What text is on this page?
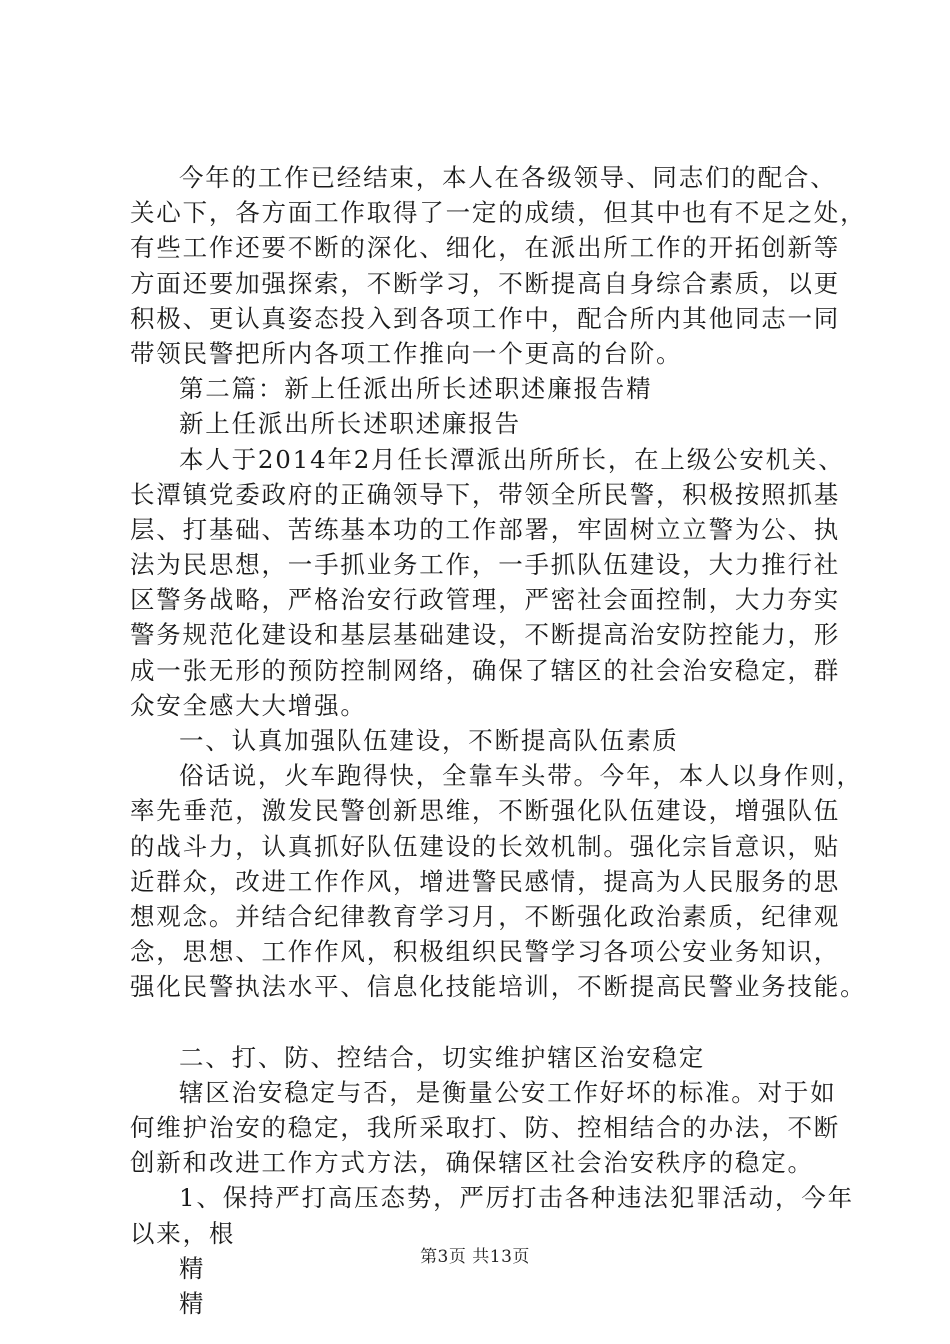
今年的工作已经结束，本人在各级领导、同志们的配合、
关心下，各方面工作取得了一定的成绩，但其中也有不足之处，
有些工作还要不断的深化、细化，在派出所工作的开拓创新等
方面还要加强探索，不断学习，不断提高自身综合素质，以更
积极、更认真姿态投入到各项工作中，配合所内其他同志一同
带领民警把所内各项工作推向一个更高的台阶。
第二篇：新上任派出所长述职述廉报告精
新上任派出所长述职述廉报告
本人于2014年2月任长潭派出所所长，在上级公安机关、
长潭镇党委政府的正确领导下，带领全所民警，积极按照抓基
层、打基础、苦练基本功的工作部署，牢固树立立警为公、执
法为民思想，一手抓业务工作，一手抓队伍建设，大力推行社
区警务战略，严格治安行政管理，严密社会面控制，大力夯实
警务规范化建设和基层基础建设，不断提高治安防控能力，形
成一张无形的预防控制网络，确保了辖区的社会治安稳定，群
众安全感大大增强。
一、认真加强队伍建设，不断提高队伍素质
俗话说，火车跑得快，全靠车头带。今年，本人以身作则，
率先垂范，激发民警创新思维，不断强化队伍建设，增强队伍
的战斗力，认真抓好队伍建设的长效机制。强化宗旨意识，贴
近群众，改进工作作风，增进警民感情，提高为人民服务的思
想观念。并结合纪律教育学习月，不断强化政治素质，纪律观
念，思想、工作作风，积极组织民警学习各项公安业务知识，
强化民警执法水平、信息化技能培训，不断提高民警业务技能。
二、打、防、控结合，切实维护辖区治安稳定
辖区治安稳定与否，是衡量公安工作好坏的标准。对于如
何维护治安的稳定，我所采取打、防、控相结合的办法，不断
创新和改进工作方式方法，确保辖区社会治安秩序的稳定。
1、保持严打高压态势，严厉打击各种违法犯罪活动，今年
以来，根
精
精
第3页 共13页
